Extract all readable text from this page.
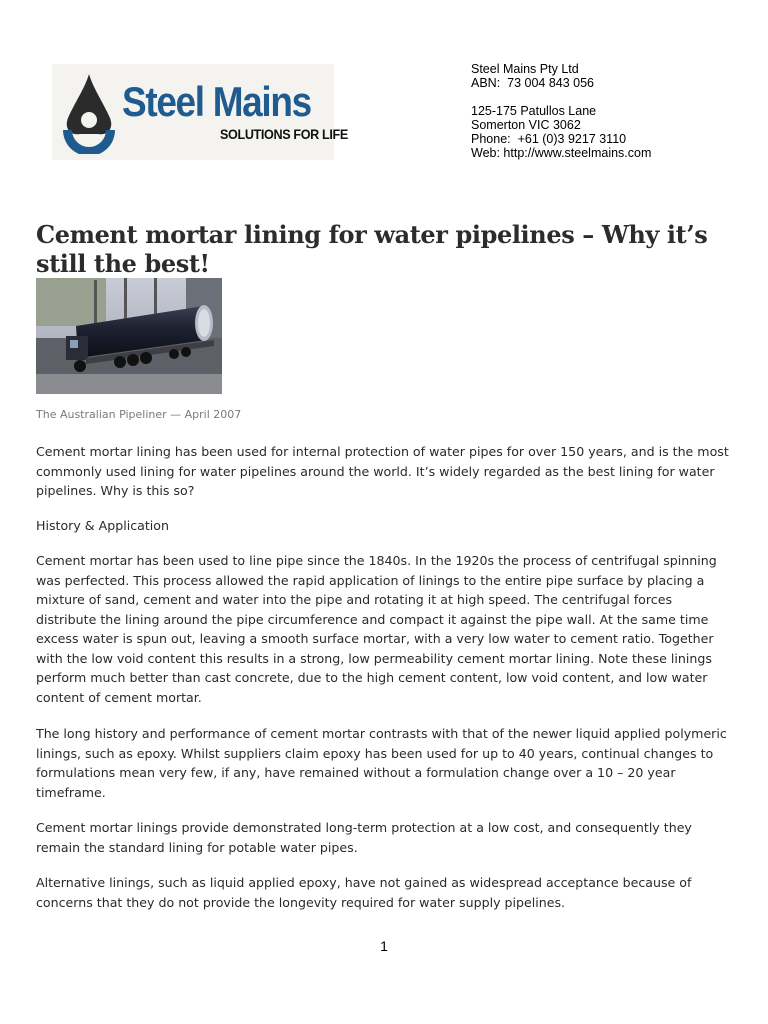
Steel Mains
SOLUTIONS FOR LIFE
Steel Mains Pty Ltd
ABN:  73 004 843 056
125-175 Patullos Lane
Somerton VIC 3062
Phone:  +61 (0)3 9217 3110
Web: http://www.steelmains.com
Cement mortar lining for water pipelines – Why it’s still the best!
The Australian Pipeliner — April 2007

Cement mortar lining has been used for internal protection of water pipes for over 150 years, and is the most commonly used lining for water pipelines around the world. It’s widely regarded as the best lining for water pipelines. Why is this so?

History & Application

Cement mortar has been used to line pipe since the 1840s. In the 1920s the process of centrifugal spinning was perfected. This process allowed the rapid application of linings to the entire pipe surface by placing a mixture of sand, cement and water into the pipe and rotating it at high speed. The centrifugal forces distribute the lining around the pipe circumference and compact it against the pipe wall. At the same time excess water is spun out, leaving a smooth surface mortar, with a very low water to cement ratio. Together with the low void content this results in a strong, low permeability cement mortar lining. Note these linings perform much better than cast concrete, due to the high cement content, low void content, and low water content of cement mortar.

The long history and performance of cement mortar contrasts with that of the newer liquid applied polymeric linings, such as epoxy. Whilst suppliers claim epoxy has been used for up to 40 years, continual changes to formulations mean very few, if any, have remained without a formulation change over a 10 – 20 year timeframe.

Cement mortar linings provide demonstrated long-term protection at a low cost, and consequently they remain the standard lining for potable water pipes.

Alternative linings, such as liquid applied epoxy, have not gained as widespread acceptance because of concerns that they do not provide the longevity required for water supply pipelines.

1
